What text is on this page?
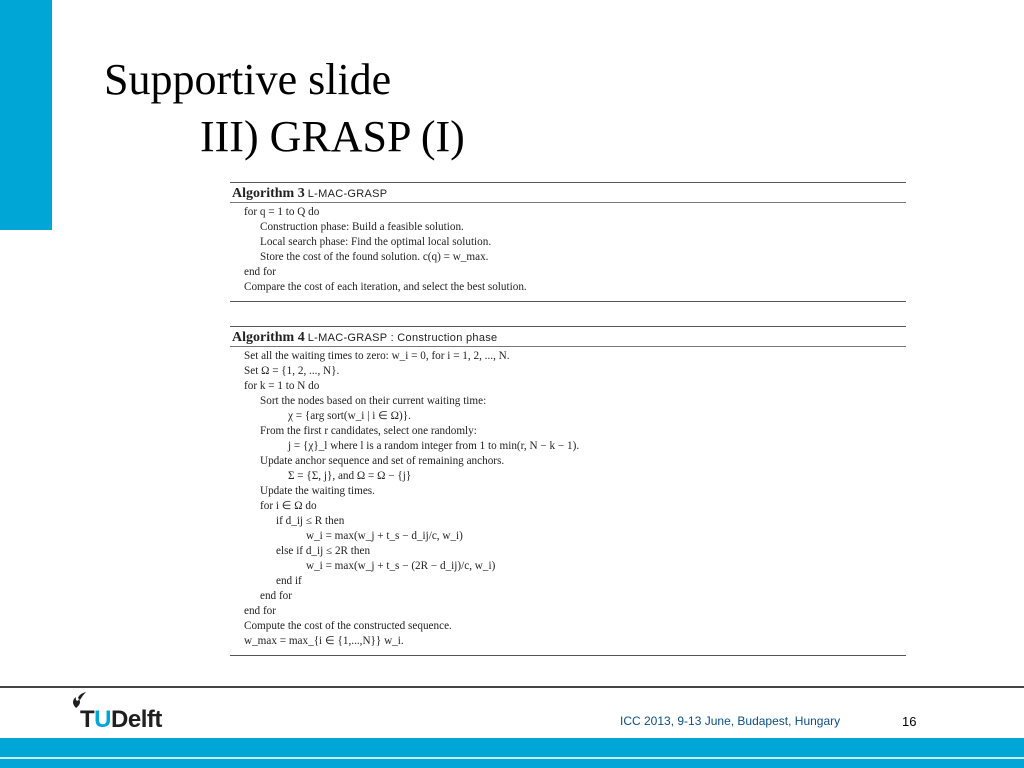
Supportive slide
III) GRASP (I)
Algorithm 3 L-MAC-GRASP
for q = 1 to Q do
Construction phase: Build a feasible solution.
Local search phase: Find the optimal local solution.
Store the cost of the found solution. c(q) = w_max.
end for
Compare the cost of each iteration, and select the best solution.
Algorithm 4 L-MAC-GRASP : Construction phase
Set all the waiting times to zero: w_i = 0, for i = 1, 2, ..., N.
Set Ω = {1, 2, ..., N}.
for k = 1 to N do
Sort the nodes based on their current waiting time:
χ = {arg sort(w_i | i ∈ Ω)}.
From the first r candidates, select one randomly:
j = {χ}_l where l is a random integer from 1 to min(r, N − k − 1).
Update anchor sequence and set of remaining anchors.
Σ = {Σ, j}, and Ω = Ω − {j}
Update the waiting times.
for i ∈ Ω do
if d_ij ≤ R then
w_i = max(w_j + t_s − d_ij/c, w_i)
else if d_ij ≤ 2R then
w_i = max(w_j + t_s − (2R − d_ij)/c, w_i)
end if
end for
end for
Compute the cost of the constructed sequence.
w_max = max_{i ∈ {1,...,N}} w_i.
TUDelft	ICC 2013, 9-13 June, Budapest, Hungary	16
